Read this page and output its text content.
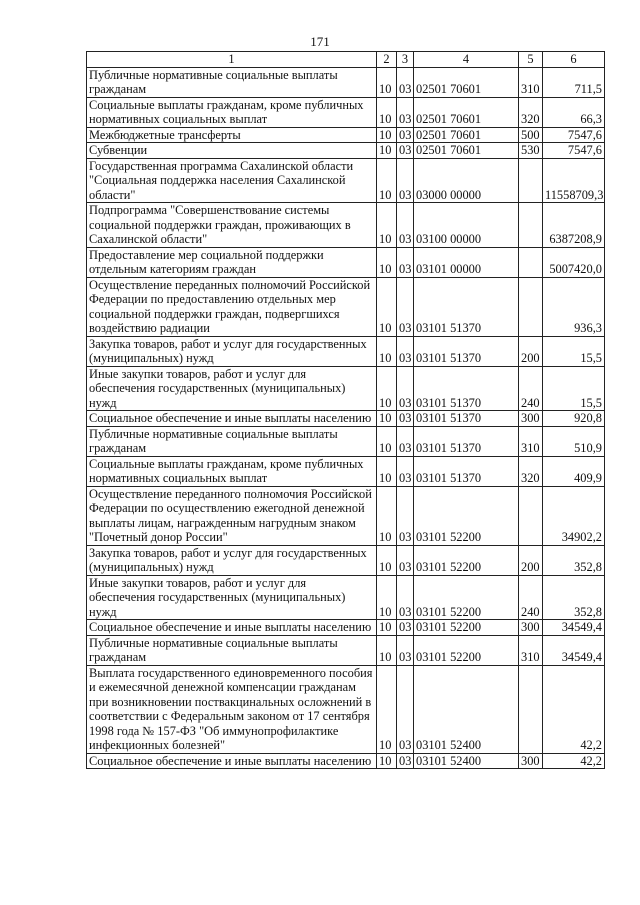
171
1	2	3	4	5	6
Публичные нормативные социальные выплаты гражданам	10	03	02501 70601	310	711,5
Социальные выплаты гражданам, кроме публичных нормативных социальных выплат	10	03	02501 70601	320	66,3
Межбюджетные трансферты	10	03	02501 70601	500	7547,6
Субвенции	10	03	02501 70601	530	7547,6
Государственная программа Сахалинской области "Социальная поддержка населения Сахалинской области"	10	03	03000 00000		11558709,3
Подпрограмма "Совершенствование системы социальной поддержки граждан, проживающих в Сахалинской области"	10	03	03100 00000		6387208,9
Предоставление мер социальной поддержки отдельным категориям граждан	10	03	03101 00000		5007420,0
Осуществление переданных полномочий Российской Федерации по предоставлению отдельных мер социальной поддержки граждан, подвергшихся воздействию радиации	10	03	03101 51370		936,3
Закупка товаров, работ и услуг для государственных (муниципальных) нужд	10	03	03101 51370	200	15,5
Иные закупки товаров, работ и услуг для обеспечения государственных (муниципальных) нужд	10	03	03101 51370	240	15,5
Социальное обеспечение и иные выплаты населению	10	03	03101 51370	300	920,8
Публичные нормативные социальные выплаты гражданам	10	03	03101 51370	310	510,9
Социальные выплаты гражданам, кроме публичных нормативных социальных выплат	10	03	03101 51370	320	409,9
Осуществление переданного полномочия Российской Федерации по осуществлению ежегодной денежной выплаты лицам, награжденным нагрудным знаком "Почетный донор России"	10	03	03101 52200		34902,2
Закупка товаров, работ и услуг для государственных (муниципальных) нужд	10	03	03101 52200	200	352,8
Иные закупки товаров, работ и услуг для обеспечения государственных (муниципальных) нужд	10	03	03101 52200	240	352,8
Социальное обеспечение и иные выплаты населению	10	03	03101 52200	300	34549,4
Публичные нормативные социальные выплаты гражданам	10	03	03101 52200	310	34549,4
Выплата государственного единовременного пособия и ежемесячной денежной компенсации гражданам при возникновении поствакцинальных осложнений в соответствии с Федеральным законом от 17 сентября 1998 года № 157-ФЗ "Об иммунопрофилактике инфекционных болезней"	10	03	03101 52400		42,2
Социальное обеспечение и иные выплаты населению	10	03	03101 52400	300	42,2
